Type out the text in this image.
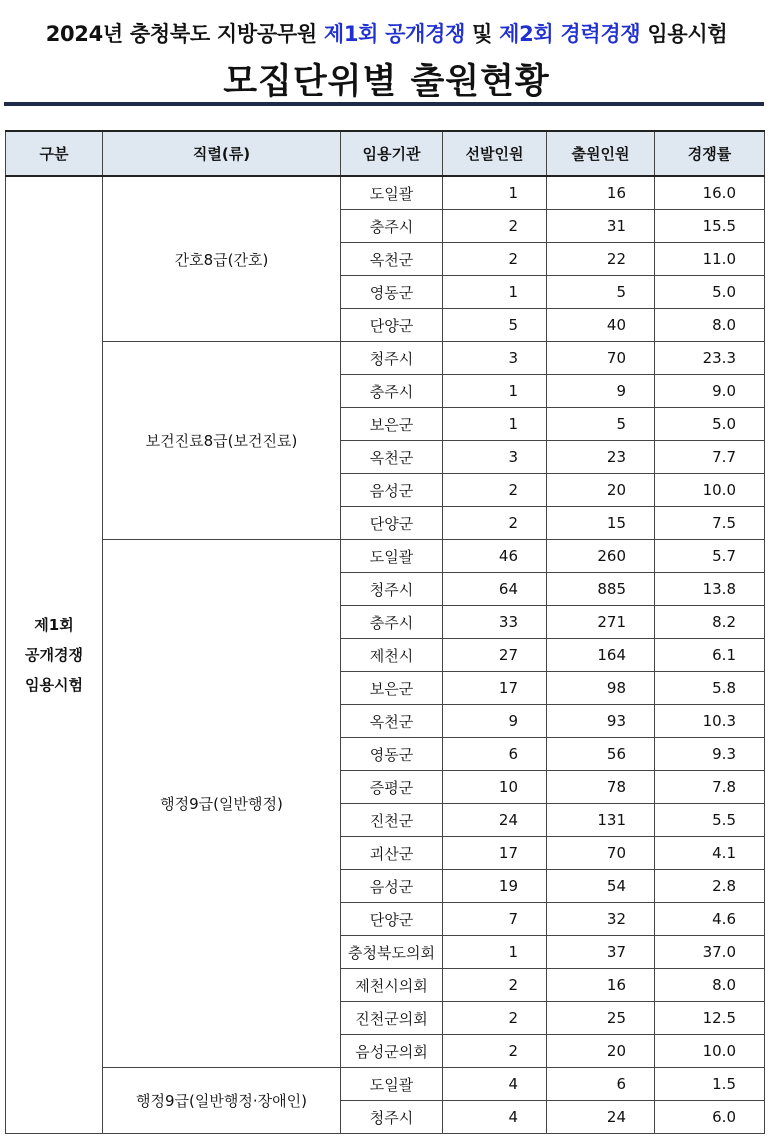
2024년 충청북도 지방공무원 제1회 공개경쟁 및 제2회 경력경쟁 임용시험
모집단위별 출원현황
구분	직렬(류)	임용기관	선발인원	출원인원	경쟁률
제1회
공개경쟁
임용시험	간호8급(간호)	도일괄	1	16	16.0
		충주시	2	31	15.5
		옥천군	2	22	11.0
		영동군	1	5	5.0
		단양군	5	40	8.0
	보건진료8급(보건진료)	청주시	3	70	23.3
		충주시	1	9	9.0
		보은군	1	5	5.0
		옥천군	3	23	7.7
		음성군	2	20	10.0
		단양군	2	15	7.5
	행정9급(일반행정)	도일괄	46	260	5.7
		청주시	64	885	13.8
		충주시	33	271	8.2
		제천시	27	164	6.1
		보은군	17	98	5.8
		옥천군	9	93	10.3
		영동군	6	56	9.3
		증평군	10	78	7.8
		진천군	24	131	5.5
		괴산군	17	70	4.1
		음성군	19	54	2.8
		단양군	7	32	4.6
		충청북도의회	1	37	37.0
		제천시의회	2	16	8.0
		진천군의회	2	25	12.5
		음성군의회	2	20	10.0
	행정9급(일반행정·장애인)	도일괄	4	6	1.5
		청주시	4	24	6.0
